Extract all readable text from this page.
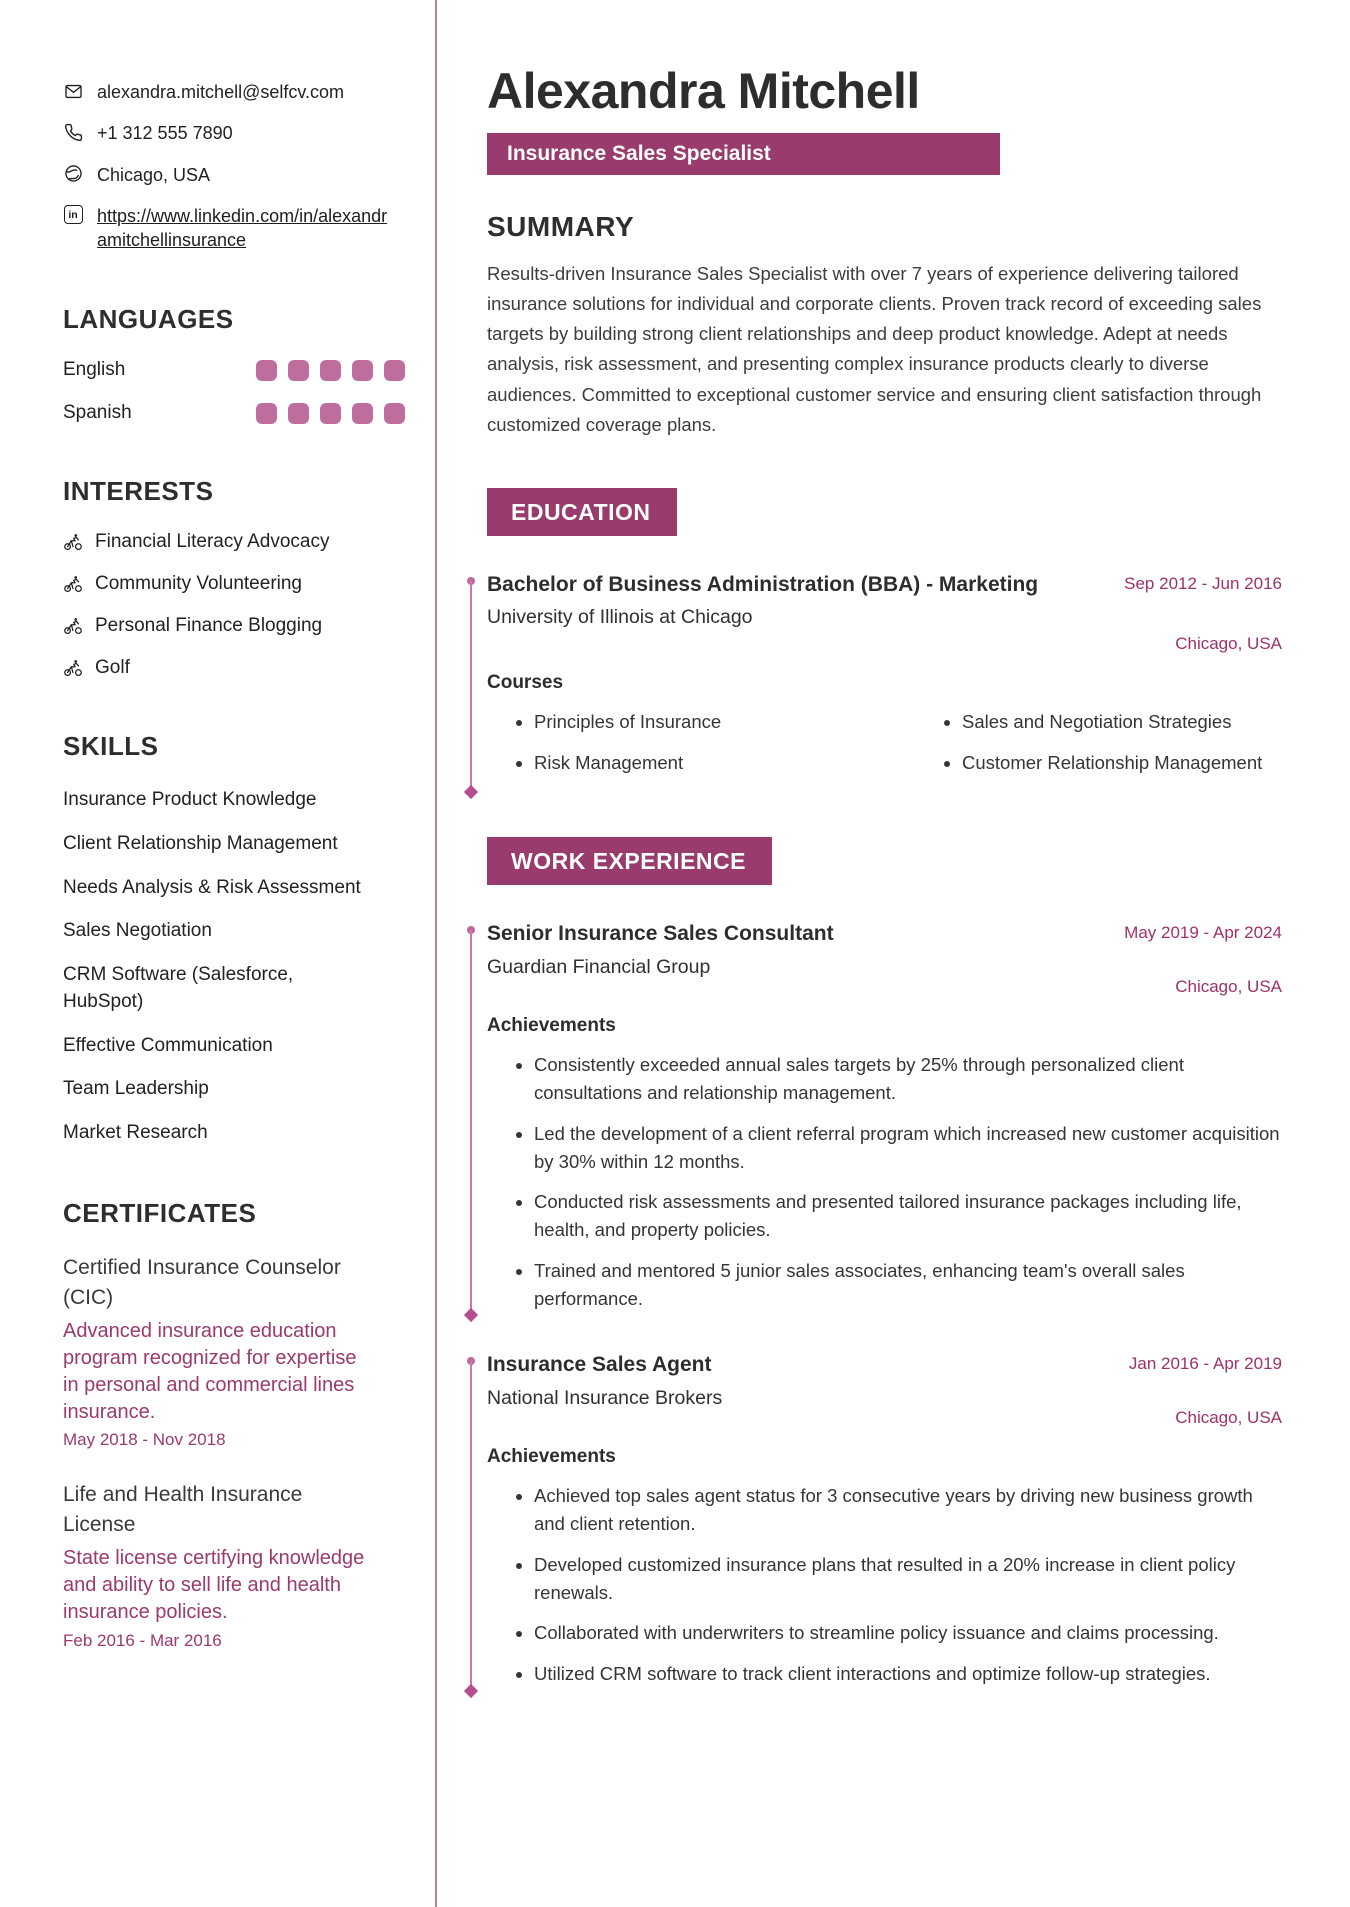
alexandra.mitchell@selfcv.com
+1 312 555 7890
Chicago, USA
in https://www.linkedin.com/in/alexandramitchellinsurance
LANGUAGES
English
Spanish
INTERESTS
Financial Literacy Advocacy
Community Volunteering
Personal Finance Blogging
Golf
SKILLS
Insurance Product Knowledge
Client Relationship Management
Needs Analysis & Risk Assessment
Sales Negotiation
CRM Software (Salesforce, HubSpot)
Effective Communication
Team Leadership
Market Research
CERTIFICATES
Certified Insurance Counselor (CIC)
Advanced insurance education program recognized for expertise in personal and commercial lines insurance.
May 2018 - Nov 2018
Life and Health Insurance License
State license certifying knowledge and ability to sell life and health insurance policies.
Feb 2016 - Mar 2016
Alexandra Mitchell
Insurance Sales Specialist
SUMMARY

Results-driven Insurance Sales Specialist with over 7 years of experience delivering tailored insurance solutions for individual and corporate clients. Proven track record of exceeding sales targets by building strong client relationships and deep product knowledge. Adept at needs analysis, risk assessment, and presenting complex insurance products clearly to diverse audiences. Committed to exceptional customer service and ensuring client satisfaction through customized coverage plans.

EDUCATION
Bachelor of Business Administration (BBA) - Marketing
University of Illinois at Chicago
Sep 2012 - Jun 2016
Chicago, USA
Courses
• Principles of Insurance	• Sales and Negotiation Strategies
• Risk Management	• Customer Relationship Management
WORK EXPERIENCE
Senior Insurance Sales Consultant
Guardian Financial Group
May 2019 - Apr 2024
Chicago, USA
Achievements
• Consistently exceeded annual sales targets by 25% through personalized client consultations and relationship management.
• Led the development of a client referral program which increased new customer acquisition by 30% within 12 months.
• Conducted risk assessments and presented tailored insurance packages including life, health, and property policies.
• Trained and mentored 5 junior sales associates, enhancing team's overall sales performance.
Insurance Sales Agent
National Insurance Brokers
Jan 2016 - Apr 2019
Chicago, USA
Achievements
• Achieved top sales agent status for 3 consecutive years by driving new business growth and client retention.
• Developed customized insurance plans that resulted in a 20% increase in client policy renewals.
• Collaborated with underwriters to streamline policy issuance and claims processing.
• Utilized CRM software to track client interactions and optimize follow-up strategies.
